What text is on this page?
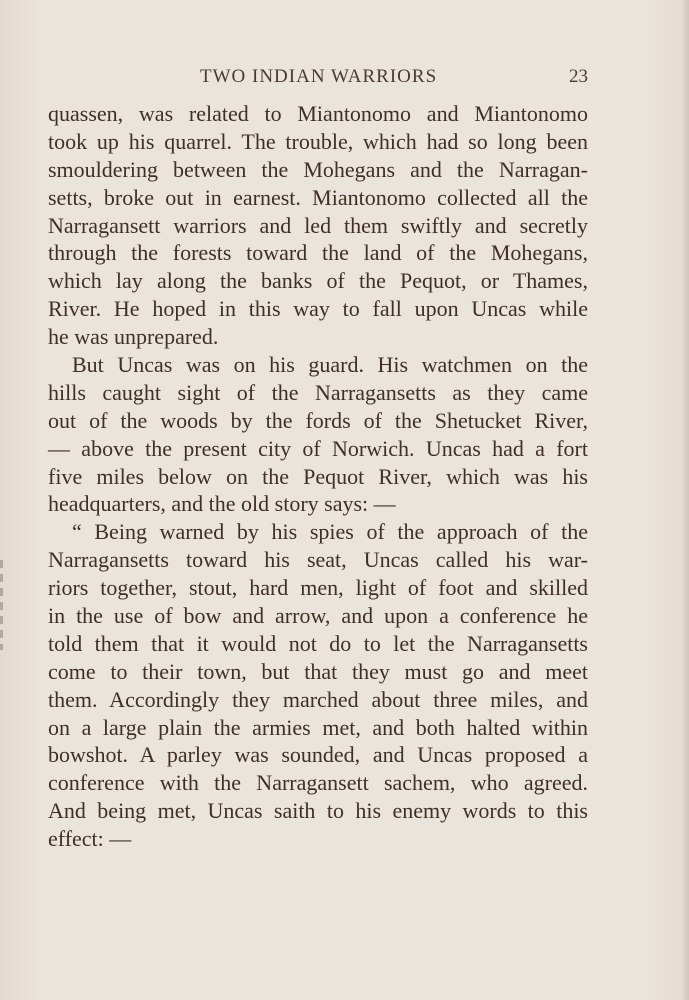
TWO INDIAN WARRIORS	23
quassen, was related to Miantonomo and Miantonomo
took up his quarrel. The trouble, which had so long been
smouldering between the Mohegans and the Narragan-
setts, broke out in earnest. Miantonomo collected all the
Narragansett warriors and led them swiftly and secretly
through the forests toward the land of the Mohegans,
which lay along the banks of the Pequot, or Thames,
River. He hoped in this way to fall upon Uncas while
he was unprepared.
But Uncas was on his guard. His watchmen on the
hills caught sight of the Narragansetts as they came
out of the woods by the fords of the Shetucket River,
— above the present city of Norwich. Uncas had a fort
five miles below on the Pequot River, which was his
headquarters, and the old story says: —
“ Being warned by his spies of the approach of the
Narragansetts toward his seat, Uncas called his war-
riors together, stout, hard men, light of foot and skilled
in the use of bow and arrow, and upon a conference he
told them that it would not do to let the Narragansetts
come to their town, but that they must go and meet
them. Accordingly they marched about three miles, and
on a large plain the armies met, and both halted within
bowshot. A parley was sounded, and Uncas proposed a
conference with the Narragansett sachem, who agreed.
And being met, Uncas saith to his enemy words to this
effect: —
